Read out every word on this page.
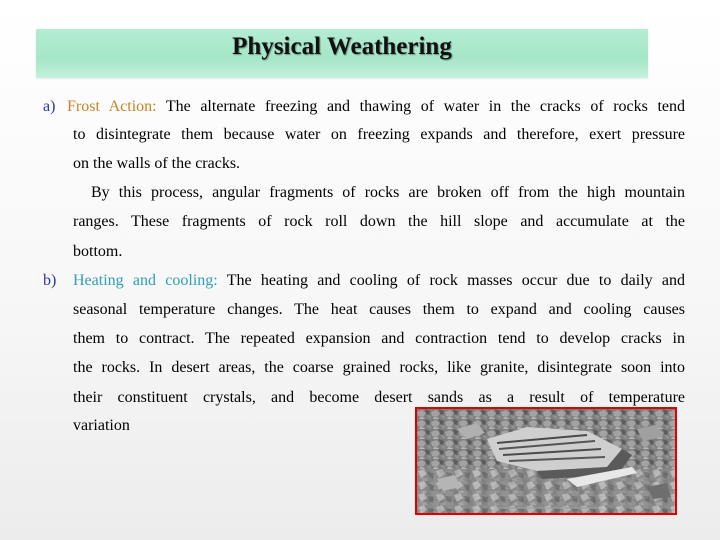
Physical Weathering
a) Frost Action: The alternate freezing and thawing of water in the cracks of rocks tend
to disintegrate them because water on freezing expands and therefore, exert pressure
on the walls of the cracks.
By this process, angular fragments of rocks are broken off from the high mountain
ranges. These fragments of rock roll down the hill slope and accumulate at the
bottom.
b) Heating and cooling: The heating and cooling of rock masses occur due to daily and
seasonal temperature changes. The heat causes them to expand and cooling causes
them to contract. The repeated expansion and contraction tend to develop cracks in
the rocks. In desert areas, the coarse grained rocks, like granite, disintegrate soon into
their constituent crystals, and become desert sands as a result of temperature
variation
